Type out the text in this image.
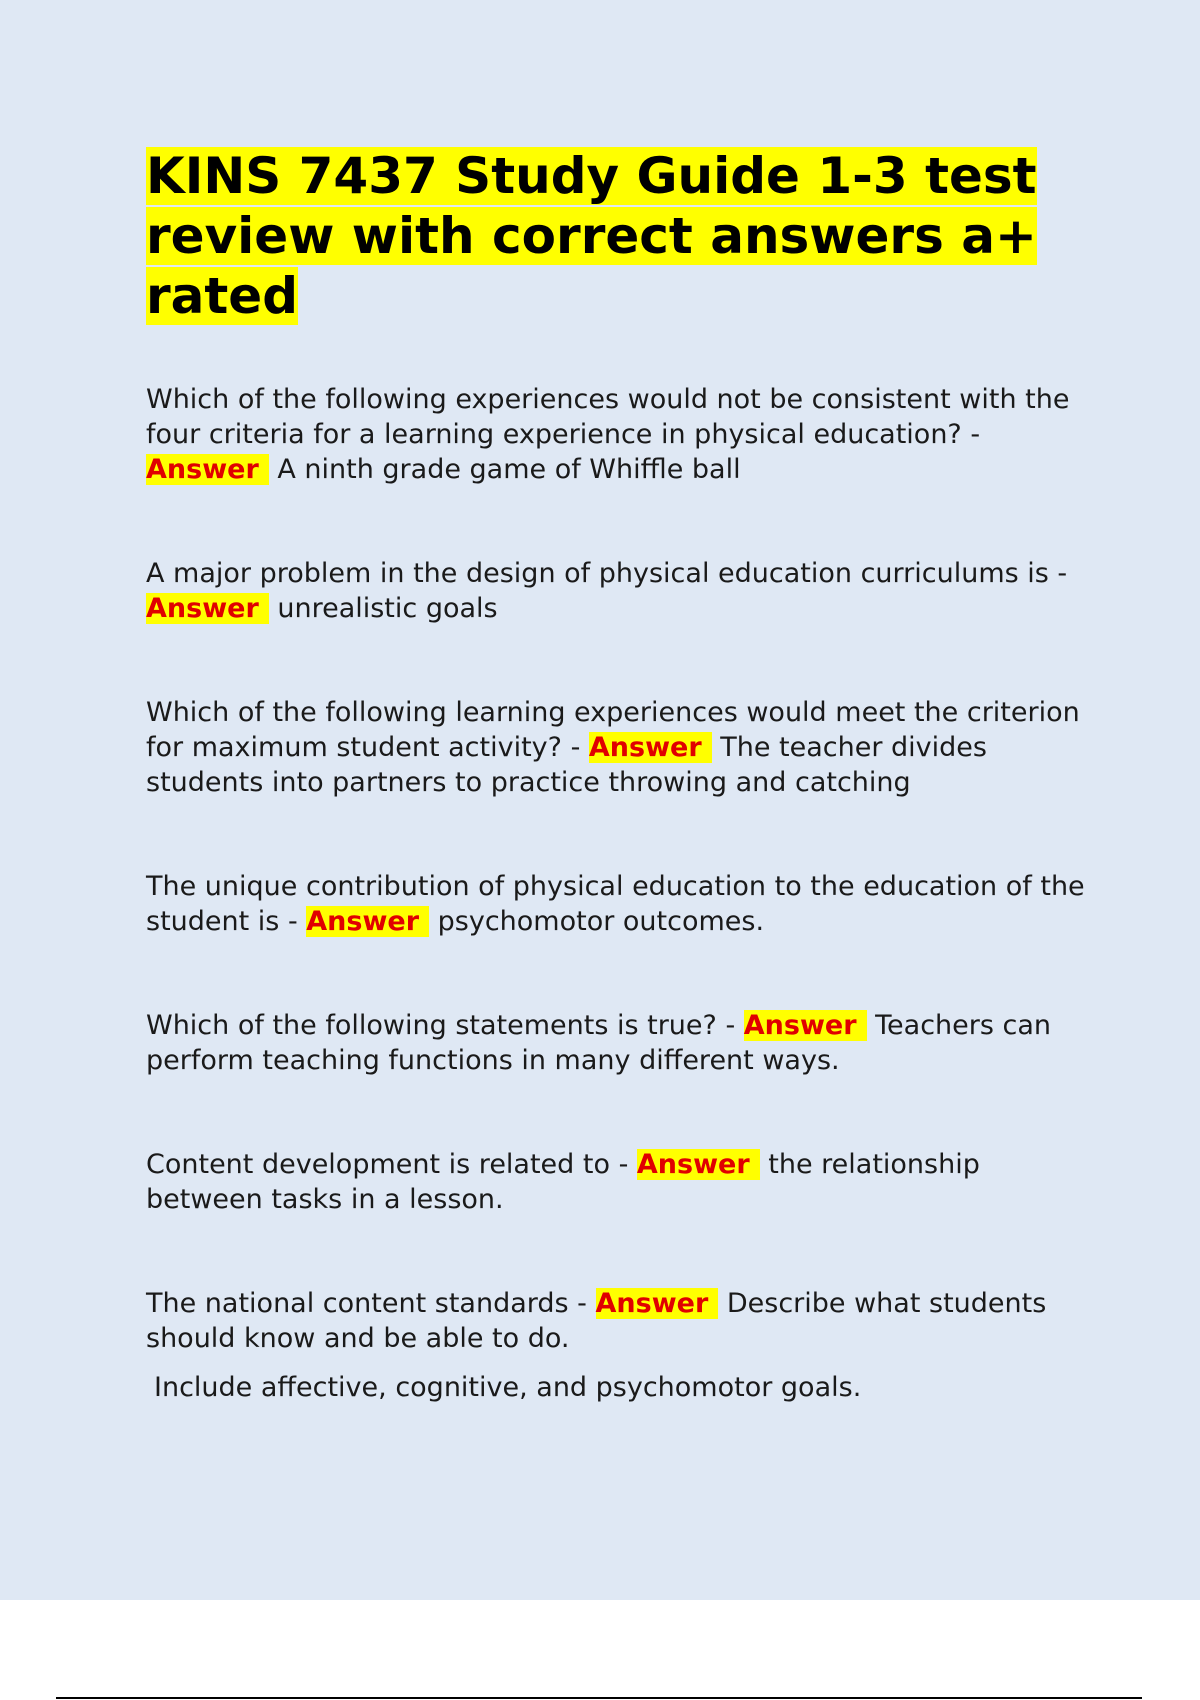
KINS 7437 Study Guide 1-3 test review with correct answers a+ rated

Which of the following experiences would not be consistent with the four criteria for a learning experience in physical education? - Answer A ninth grade game of Whiffle ball

A major problem in the design of physical education curriculums is - Answer unrealistic goals

Which of the following learning experiences would meet the criterion for maximum student activity? - Answer The teacher divides students into partners to practice throwing and catching

The unique contribution of physical education to the education of the student is - Answer psychomotor outcomes.

Which of the following statements is true? - Answer Teachers can perform teaching functions in many different ways.

Content development is related to - Answer the relationship between tasks in a lesson.

The national content standards - Answer Describe what students should know and be able to do.

Include affective, cognitive, and psychomotor goals.
